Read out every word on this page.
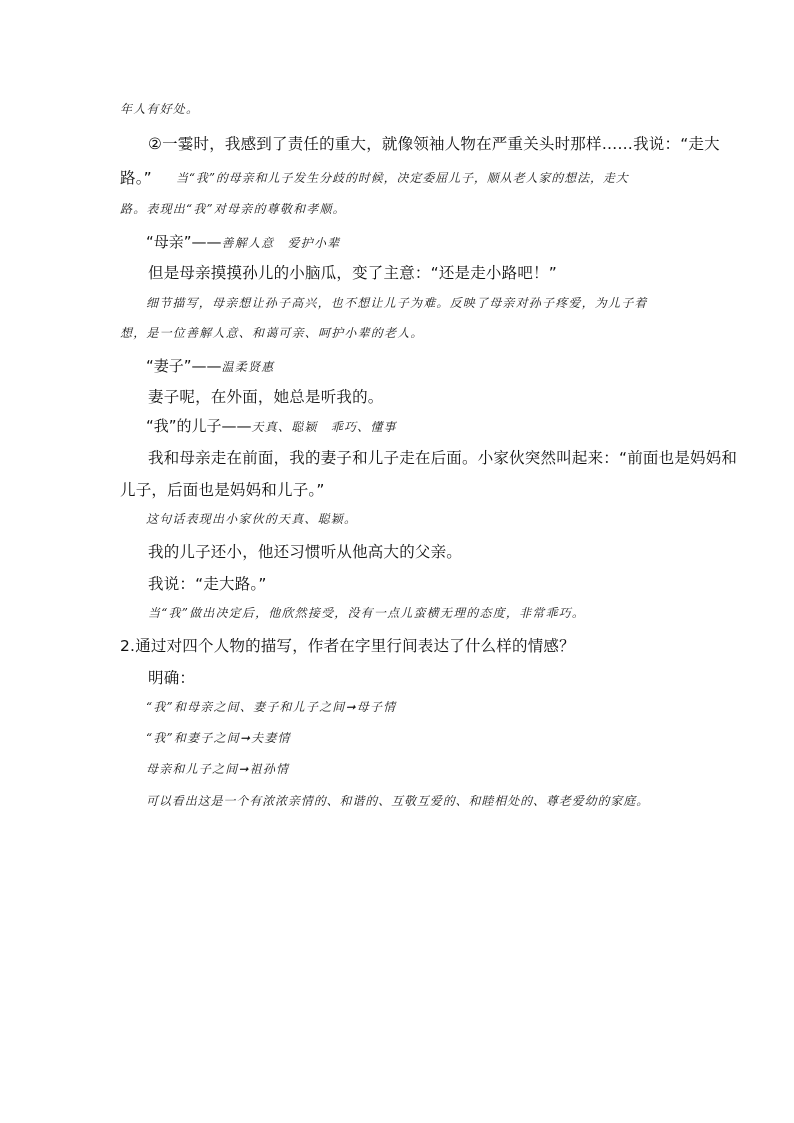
年人有好处。

②一霎时，我感到了责任的重大，就像领袖人物在严重关头时那样……我说：“走大

路。” 当“我”的母亲和儿子发生分歧的时候，决定委屈儿子，顺从老人家的想法，走大

路。表现出“我”对母亲的尊敬和孝顺。

“母亲”——善解人意　爱护小辈

但是母亲摸摸孙儿的小脑瓜，变了主意：“还是走小路吧！”

细节描写，母亲想让孙子高兴，也不想让儿子为难。反映了母亲对孙子疼爱，为儿子着

想，是一位善解人意、和蔼可亲、呵护小辈的老人。

“妻子”——温柔贤惠

妻子呢，在外面，她总是听我的。

“我”的儿子——天真、聪颖　乖巧、懂事

我和母亲走在前面，我的妻子和儿子走在后面。小家伙突然叫起来：“前面也是妈妈和

儿子，后面也是妈妈和儿子。”

这句话表现出小家伙的天真、聪颖。

我的儿子还小，他还习惯听从他高大的父亲。

我说：“走大路。”

当“我”做出决定后，他欣然接受，没有一点儿蛮横无理的态度，非常乖巧。

2.通过对四个人物的描写，作者在字里行间表达了什么样的情感？

明确：

“我”和母亲之间、妻子和儿子之间➞母子情

“我”和妻子之间➞夫妻情

母亲和儿子之间➞祖孙情

可以看出这是一个有浓浓亲情的、和谐的、互敬互爱的、和睦相处的、尊老爱幼的家庭。
